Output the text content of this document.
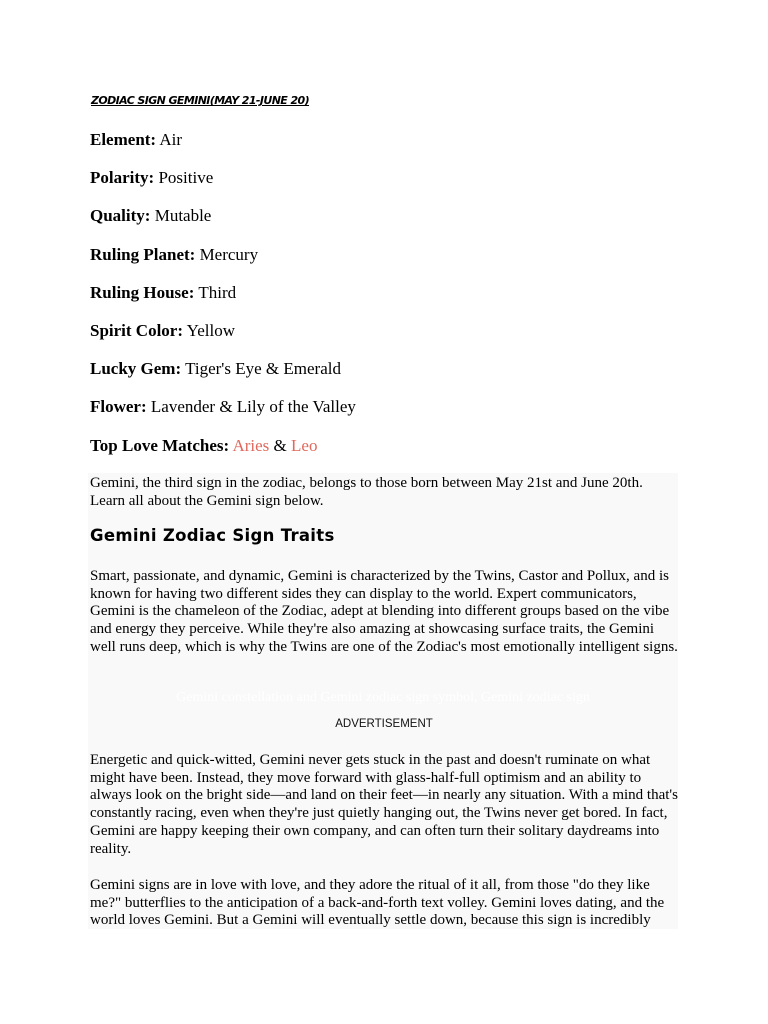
ZODIAC SIGN GEMINI(MAY 21-JUNE 20)
Element: Air
Polarity: Positive
Quality: Mutable
Ruling Planet: Mercury
Ruling House: Third
Spirit Color: Yellow
Lucky Gem: Tiger's Eye & Emerald
Flower: Lavender & Lily of the Valley
Top Love Matches: Aries & Leo
Gemini, the third sign in the zodiac, belongs to those born between May 21st and June 20th. Learn all about the Gemini sign below.
Gemini Zodiac Sign Traits
Smart, passionate, and dynamic, Gemini is characterized by the Twins, Castor and Pollux, and is known for having two different sides they can display to the world. Expert communicators, Gemini is the chameleon of the Zodiac, adept at blending into different groups based on the vibe and energy they perceive. While they're also amazing at showcasing surface traits, the Gemini well runs deep, which is why the Twins are one of the Zodiac's most emotionally intelligent signs.
Gemini constellation and Gemini zodiac sign symbol, Gemini zodiac sign
ADVERTISEMENT
Energetic and quick-witted, Gemini never gets stuck in the past and doesn't ruminate on what might have been. Instead, they move forward with glass-half-full optimism and an ability to always look on the bright side—and land on their feet—in nearly any situation. With a mind that's constantly racing, even when they're just quietly hanging out, the Twins never get bored. In fact, Gemini are happy keeping their own company, and can often turn their solitary daydreams into reality.
Gemini signs are in love with love, and they adore the ritual of it all, from those "do they like me?" butterflies to the anticipation of a back-and-forth text volley. Gemini loves dating, and the world loves Gemini. But a Gemini will eventually settle down, because this sign is incredibly
